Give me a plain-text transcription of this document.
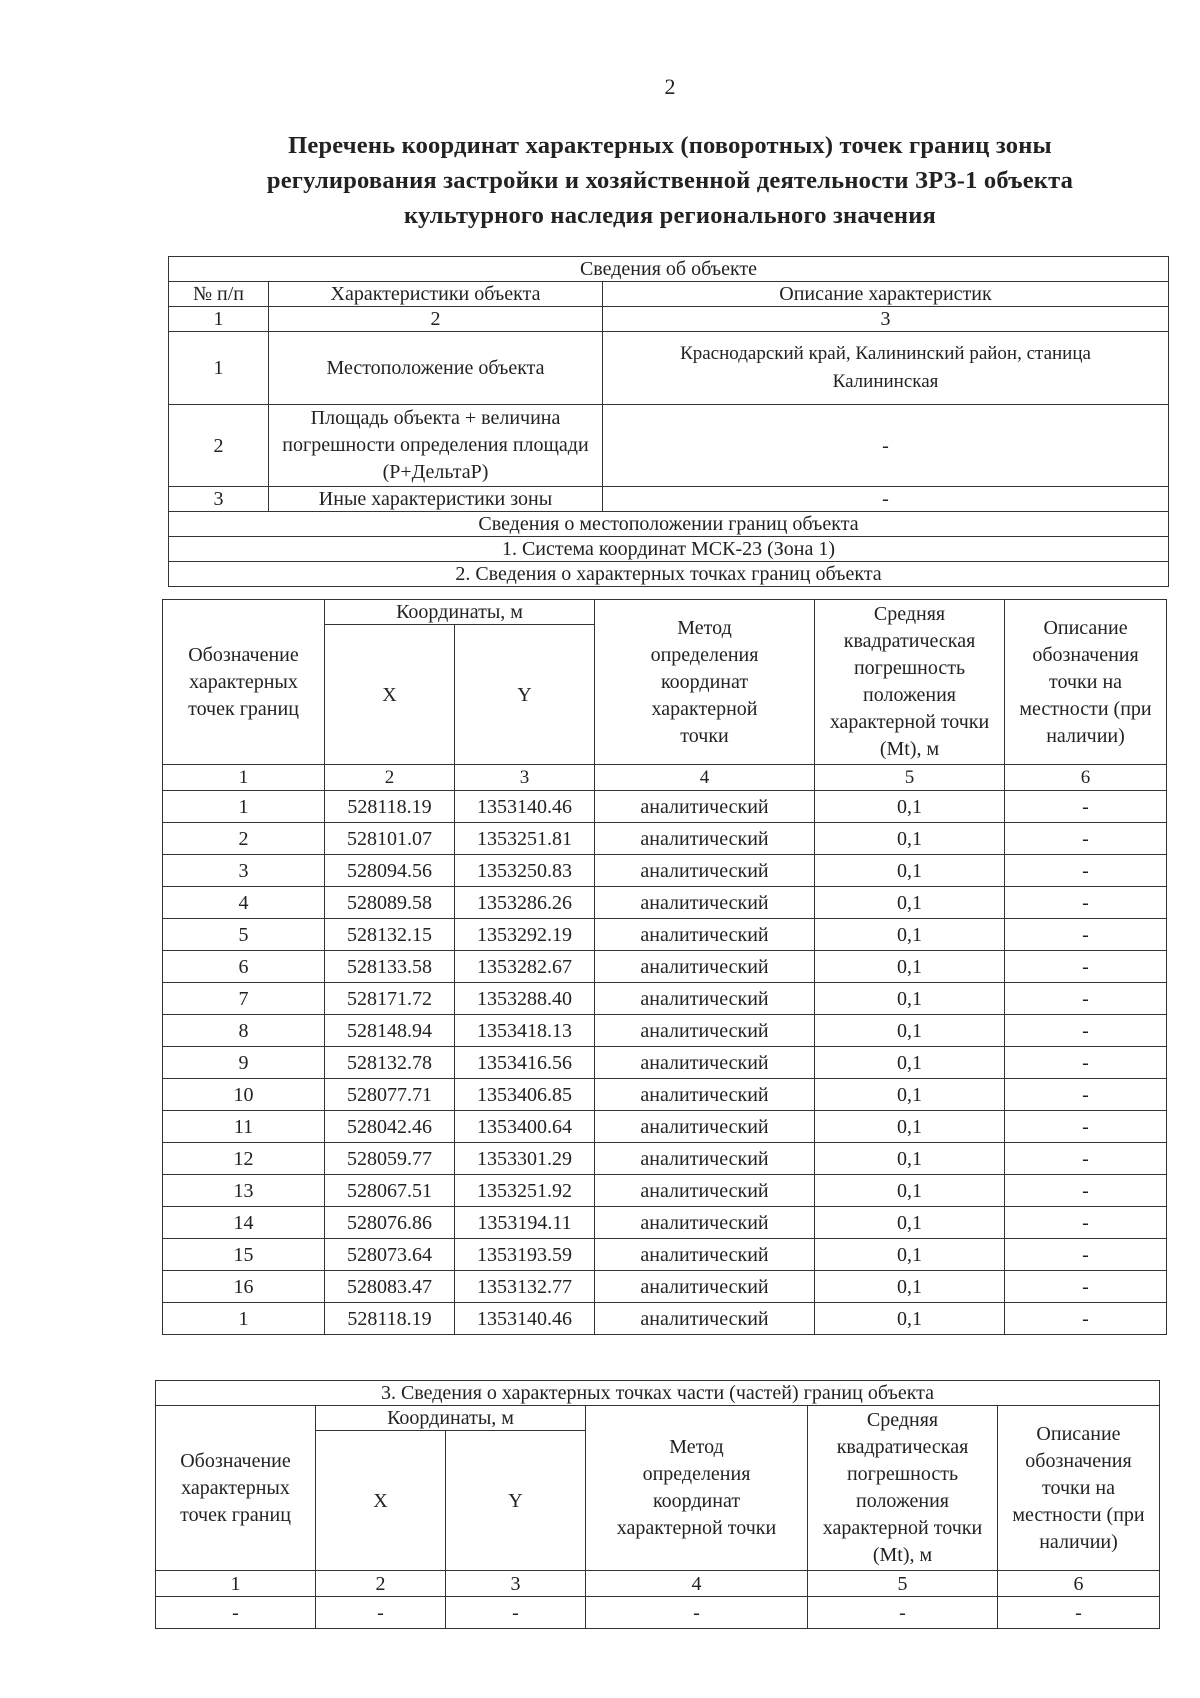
2
Перечень координат характерных (поворотных) точек границ зоны
регулирования застройки и хозяйственной деятельности ЗРЗ-1 объекта
культурного наследия регионального значения
Сведения об объекте		
№ п/п	Характеристики объекта	Описание характеристик
1	2	3
1	Местоположение объекта	Краснодарский край, Калининский район, станица Калининская
2	Площадь объекта + величина погрешности определения площади (Р+ДельтаР)	-
3	Иные характеристики зоны	-
Сведения о местоположении границ объекта		
1. Система координат МСК-23 (Зона 1)		
2. Сведения о характерных точках границ объекта		
Обозначение характерных точек границ	Координаты, м		Метод определения координат характерной точки	Средняя квадратическая погрешность положения характерной точки (Mt), м	Описание обозначения точки на местности (при наличии)
	X	Y			
1	2	3	4	5	6
1	528118.19	1353140.46	аналитический	0,1	-
2	528101.07	1353251.81	аналитический	0,1	-
3	528094.56	1353250.83	аналитический	0,1	-
4	528089.58	1353286.26	аналитический	0,1	-
5	528132.15	1353292.19	аналитический	0,1	-
6	528133.58	1353282.67	аналитический	0,1	-
7	528171.72	1353288.40	аналитический	0,1	-
8	528148.94	1353418.13	аналитический	0,1	-
9	528132.78	1353416.56	аналитический	0,1	-
10	528077.71	1353406.85	аналитический	0,1	-
11	528042.46	1353400.64	аналитический	0,1	-
12	528059.77	1353301.29	аналитический	0,1	-
13	528067.51	1353251.92	аналитический	0,1	-
14	528076.86	1353194.11	аналитический	0,1	-
15	528073.64	1353193.59	аналитический	0,1	-
16	528083.47	1353132.77	аналитический	0,1	-
1	528118.19	1353140.46	аналитический	0,1	-
3. Сведения о характерных точках части (частей) границ объекта					
Обозначение характерных точек границ	Координаты, м		Метод определения координат характерной точки	Средняя квадратическая погрешность положения характерной точки (Mt), м	Описание обозначения точки на местности (при наличии)
	X	Y			
1	2	3	4	5	6
-	-	-	-	-	-
